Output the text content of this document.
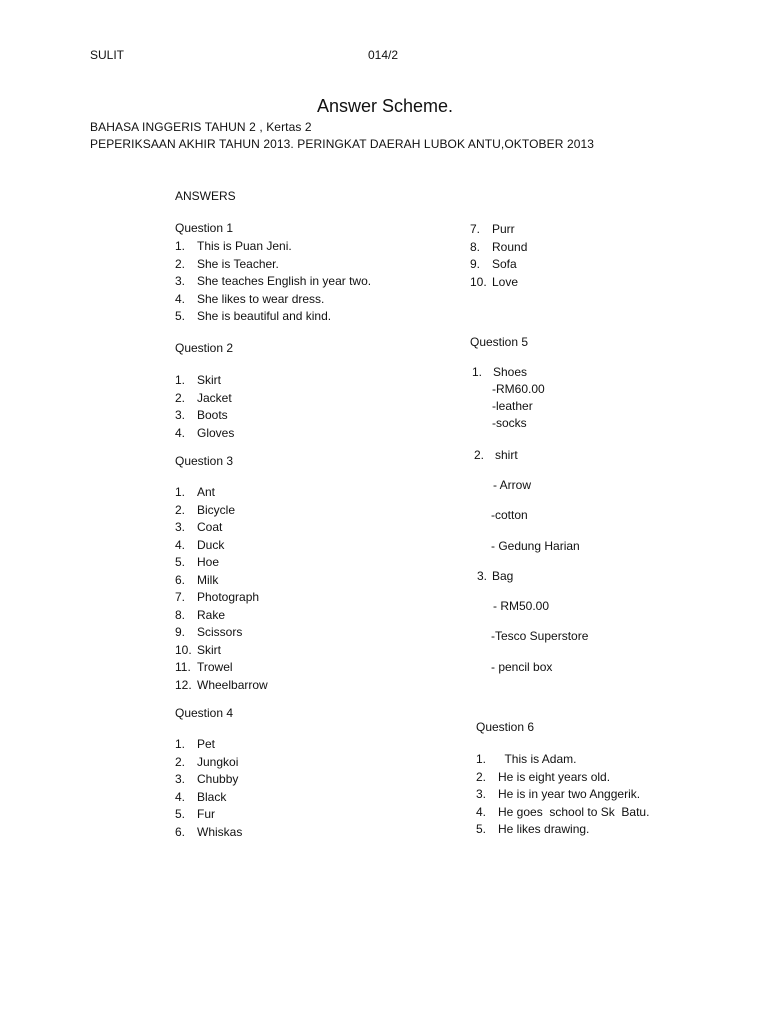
SULIT	014/2
Answer Scheme.
BAHASA INGGERIS TAHUN 2 , Kertas 2
PEPERIKSAAN AKHIR TAHUN 2013. PERINGKAT DAERAH LUBOK ANTU,OKTOBER 2013
ANSWERS
Question 1
1. This is Puan Jeni.
2. She is Teacher.
3. She teaches English in year two.
4. She likes to wear dress.
5. She is beautiful and kind.
Question 2
1. Skirt
2. Jacket
3. Boots
4. Gloves
Question 3
1. Ant
2. Bicycle
3. Coat
4. Duck
5. Hoe
6. Milk
7. Photograph
8. Rake
9. Scissors
10. Skirt
11. Trowel
12. Wheelbarrow
Question 4
1. Pet
2. Jungkoi
3. Chubby
4. Black
5. Fur
6. Whiskas
7. Purr
8. Round
9. Sofa
10. Love
Question 5
1. Shoes
-RM60.00
-leather
-socks
2. shirt
- Arrow
-cotton
- Gedung Harian
3. Bag
- RM50.00
-Tesco Superstore
- pencil box
Question 6
1. This is Adam.
2. He is eight years old.
3. He is in year two Anggerik.
4. He goes  school to Sk  Batu.
5. He likes drawing.
